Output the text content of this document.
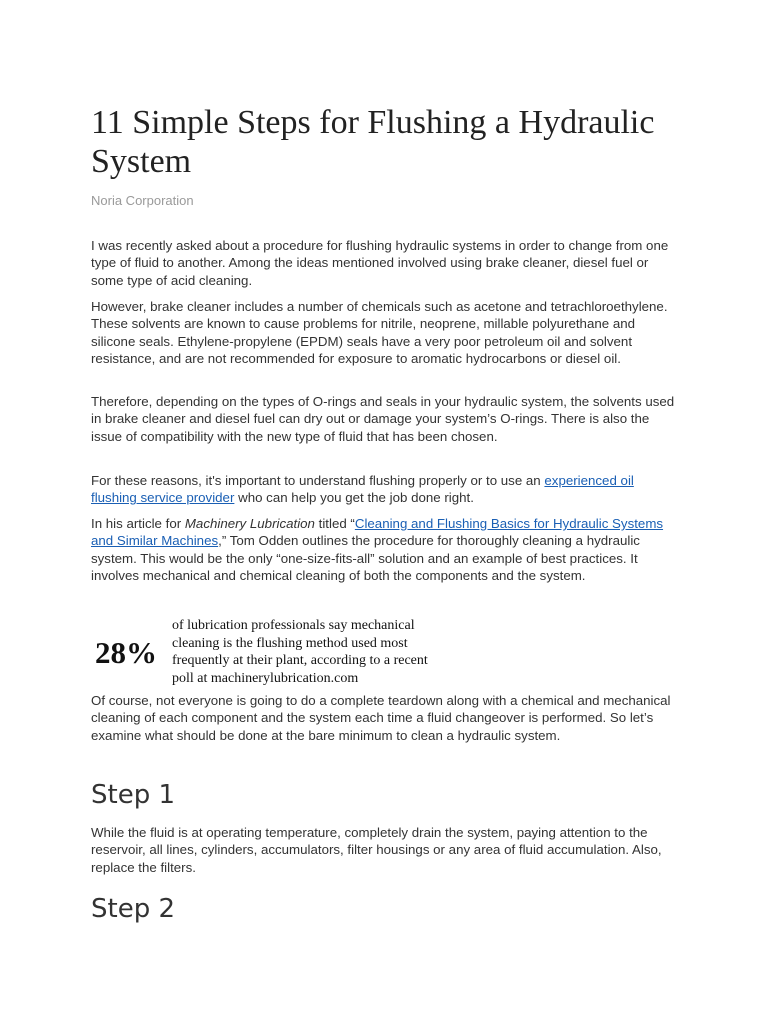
11 Simple Steps for Flushing a Hydraulic System

Noria Corporation

I was recently asked about a procedure for flushing hydraulic systems in order to change from one type of fluid to another. Among the ideas mentioned involved using brake cleaner, diesel fuel or some type of acid cleaning.

However, brake cleaner includes a number of chemicals such as acetone and tetrachloroethylene. These solvents are known to cause problems for nitrile, neoprene, millable polyurethane and silicone seals. Ethylene-propylene (EPDM) seals have a very poor petroleum oil and solvent resistance, and are not recommended for exposure to aromatic hydrocarbons or diesel oil.

Therefore, depending on the types of O-rings and seals in your hydraulic system, the solvents used in brake cleaner and diesel fuel can dry out or damage your system’s O-rings. There is also the issue of compatibility with the new type of fluid that has been chosen.

For these reasons, it's important to understand flushing properly or to use an experienced oil flushing service provider who can help you get the job done right.

In his article for Machinery Lubrication titled “Cleaning and Flushing Basics for Hydraulic Systems and Similar Machines,” Tom Odden outlines the procedure for thoroughly cleaning a hydraulic system. This would be the only “one-size-fits-all” solution and an example of best practices. It involves mechanical and chemical cleaning of both the components and the system.

28%
of lubrication professionals say mechanical cleaning is the flushing method used most frequently at their plant, according to a recent poll at machinerylubrication.com

Of course, not everyone is going to do a complete teardown along with a chemical and mechanical cleaning of each component and the system each time a fluid changeover is performed. So let’s examine what should be done at the bare minimum to clean a hydraulic system.

Step 1

While the fluid is at operating temperature, completely drain the system, paying attention to the reservoir, all lines, cylinders, accumulators, filter housings or any area of fluid accumulation. Also, replace the filters.

Step 2
